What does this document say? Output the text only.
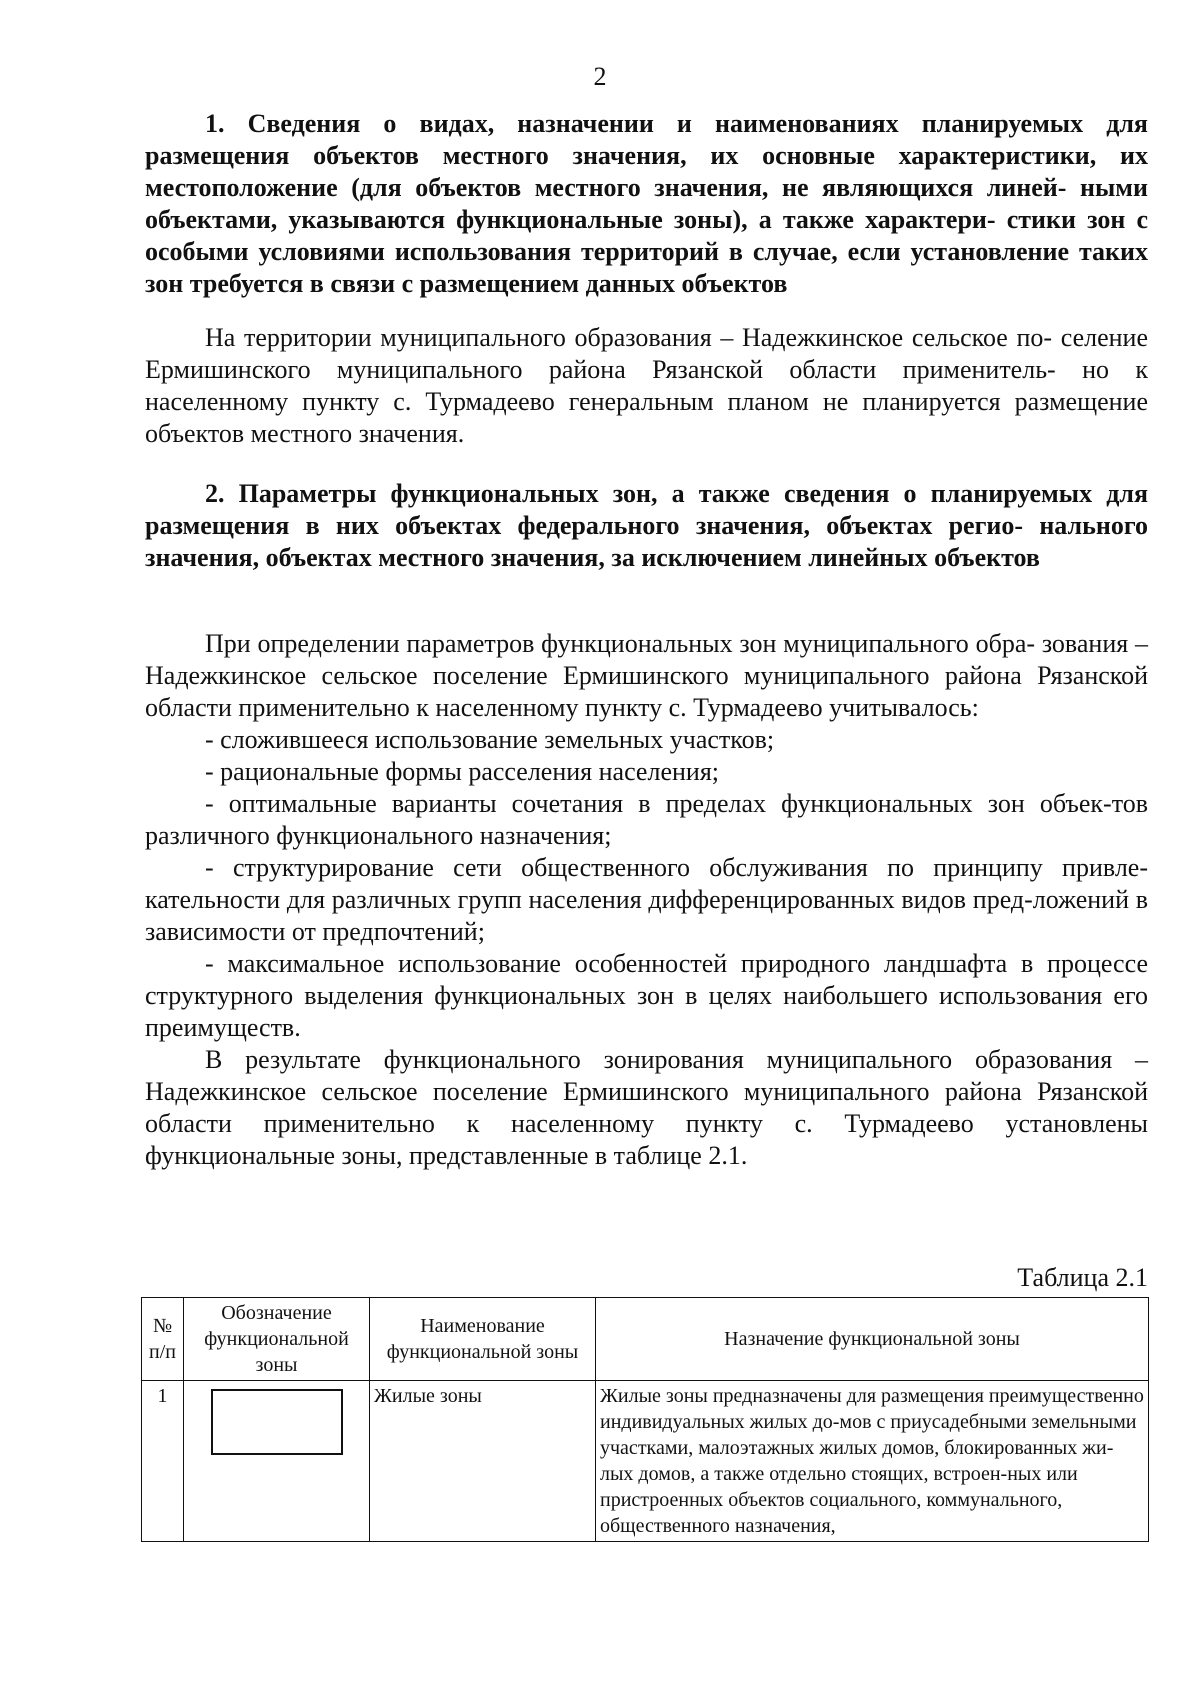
2

1. Сведения о видах, назначении и наименованиях планируемых для размещения объектов местного значения, их основные характеристики, их местоположение (для объектов местного значения, не являющихся линей- ными объектами, указываются функциональные зоны), а также характери- стики зон с особыми условиями использования территорий в случае, если установление таких зон требуется в связи с размещением данных объектов

На территории муниципального образования – Надежкинское сельское по- селение Ермишинского муниципального района Рязанской области применитель- но к населенному пункту с. Турмадеево генеральным планом не планируется размещение объектов местного значения.

2. Параметры функциональных зон, а также сведения о планируемых для размещения в них объектах федерального значения, объектах регио- нального значения, объектах местного значения, за исключением линейных объектов

При определении параметров функциональных зон муниципального обра- зования – Надежкинское сельское поселение Ермишинского муниципального района Рязанской области применительно к населенному пункту с. Турмадеево учитывалось:

- сложившееся использование земельных участков;

- рациональные формы расселения населения;

- оптимальные варианты сочетания в пределах функциональных зон объек-тов различного функционального назначения;

- структурирование сети общественного обслуживания по принципу привле-кательности для различных групп населения дифференцированных видов пред-ложений в зависимости от предпочтений;

- максимальное использование особенностей природного ландшафта в процессе структурного выделения функциональных зон в целях наибольшего использования его преимуществ.

В результате функционального зонирования муниципального образования – Надежкинское сельское поселение Ермишинского муниципального района Рязанской области применительно к населенному пункту с. Турмадеево установлены функциональные зоны, представленные в таблице 2.1.

Таблица 2.1
№ п/п	Обозначение функциональной зоны	Наименование функциональной зоны	Назначение функциональной зоны
1		Жилые зоны	Жилые зоны предназначены для размещения преимущественно индивидуальных жилых до-мов с приусадебными земельными участками, малоэтажных жилых домов, блокированных жи-лых домов, а также отдельно стоящих, встроен-ных или пристроенных объектов социального, коммунального, общественного назначения,
